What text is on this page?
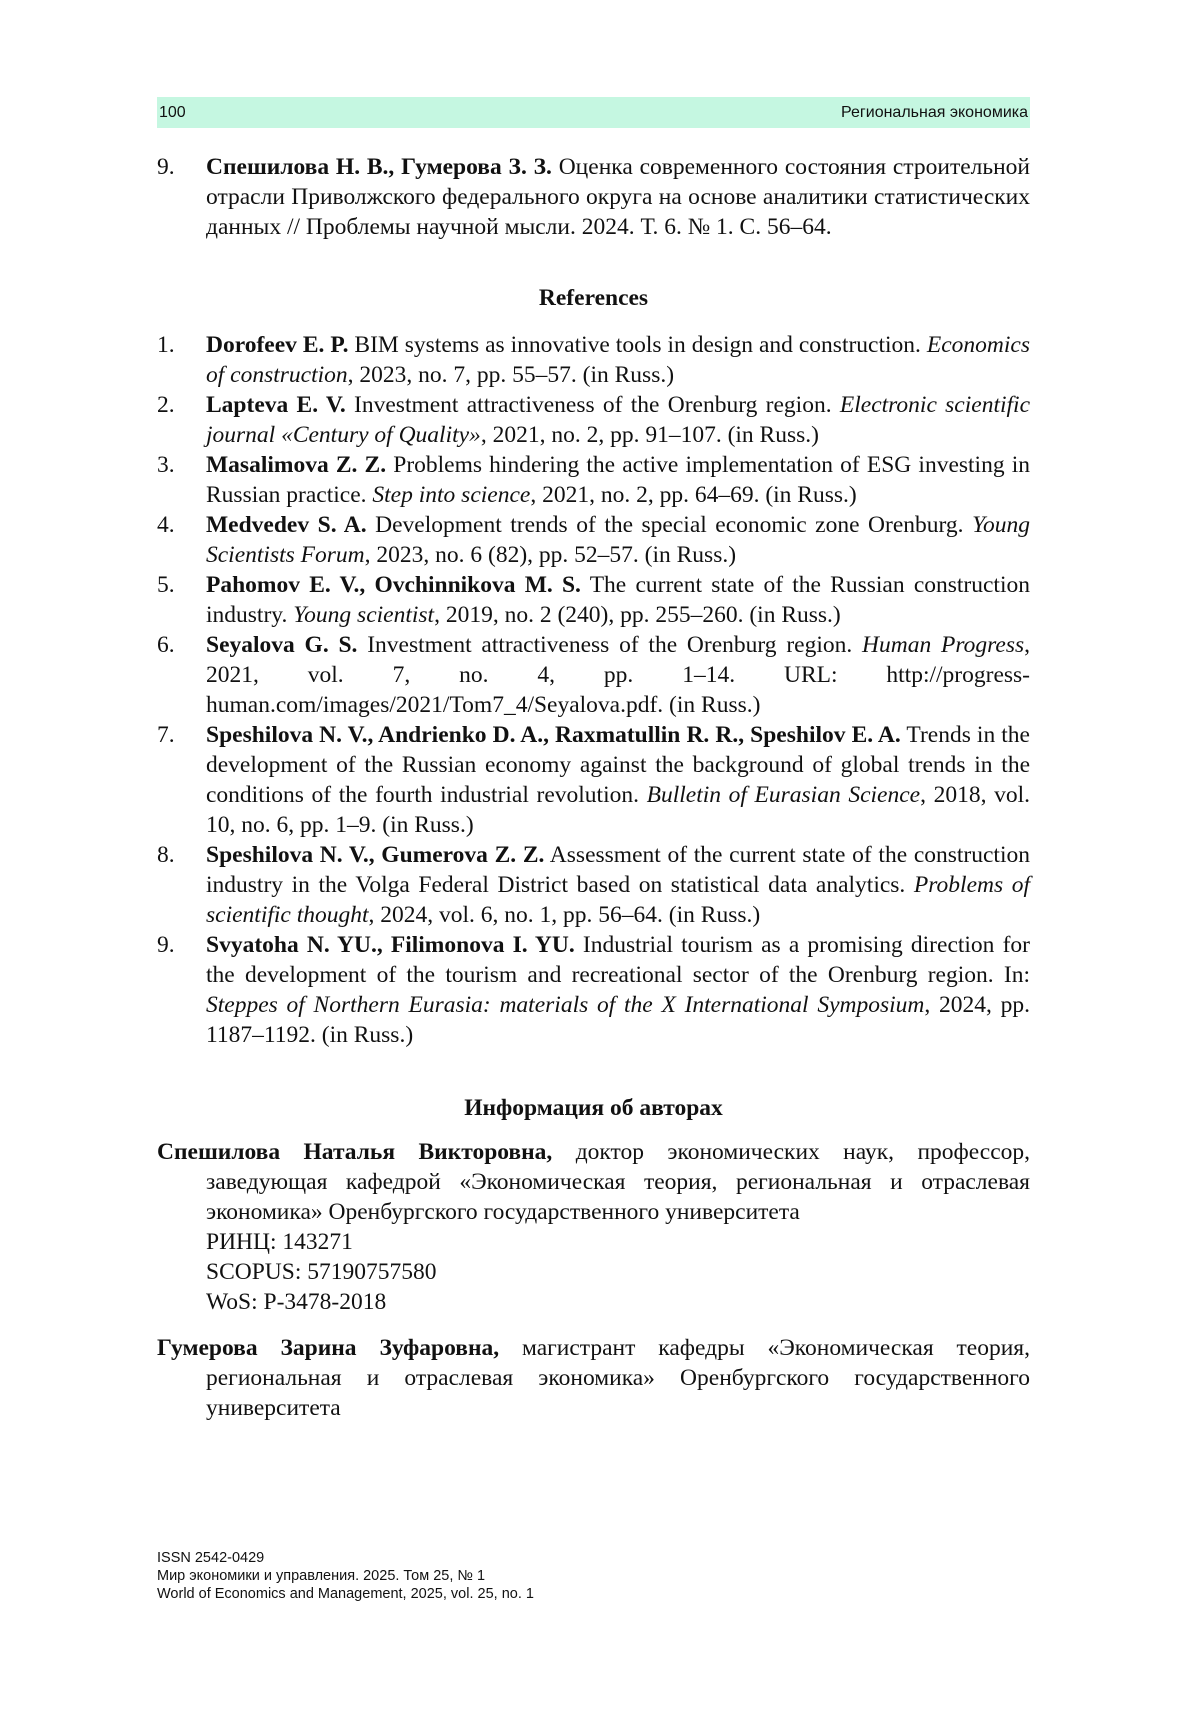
100	Региональная экономика

9. Спешилова Н. В., Гумерова З. З. Оценка современного состояния строительной отрасли Приволжского федерального округа на основе аналитики статистических данных // Проблемы научной мысли. 2024. Т. 6. № 1. С. 56–64.

References

1. Dorofeev E. P. BIM systems as innovative tools in design and construction. Economics of construction, 2023, no. 7, pp. 55–57. (in Russ.)

2. Lapteva E. V. Investment attractiveness of the Orenburg region. Electronic scientific journal «Century of Quality», 2021, no. 2, pp. 91–107. (in Russ.)

3. Masalimova Z. Z. Problems hindering the active implementation of ESG investing in Russian practice. Step into science, 2021, no. 2, pp. 64–69. (in Russ.)

4. Medvedev S. A. Development trends of the special economic zone Orenburg. Young Scientists Forum, 2023, no. 6 (82), pp. 52–57. (in Russ.)

5. Pahomov E. V., Ovchinnikova M. S. The current state of the Russian construction industry. Young scientist, 2019, no. 2 (240), pp. 255–260. (in Russ.)

6. Seyalova G. S. Investment attractiveness of the Orenburg region. Human Progress, 2021, vol. 7, no. 4, pp. 1–14. URL: http://progress-human.com/images/2021/Tom7_4/Seyalova.pdf. (in Russ.)

7. Speshilova N. V., Andrienko D. A., Raxmatullin R. R., Speshilov E. A. Trends in the development of the Russian economy against the background of global trends in the conditions of the fourth industrial revolution. Bulletin of Eurasian Science, 2018, vol. 10, no. 6, pp. 1–9. (in Russ.)

8. Speshilova N. V., Gumerova Z. Z. Assessment of the current state of the construction industry in the Volga Federal District based on statistical data analytics. Problems of scientific thought, 2024, vol. 6, no. 1, pp. 56–64. (in Russ.)

9. Svyatoha N. YU., Filimonova I. YU. Industrial tourism as a promising direction for the development of the tourism and recreational sector of the Orenburg region. In: Steppes of Northern Eurasia: materials of the X International Symposium, 2024, pp. 1187–1192. (in Russ.)

Информация об авторах

Спешилова Наталья Викторовна, доктор экономических наук, профессор, заведующая кафедрой «Экономическая теория, региональная и отраслевая экономика» Оренбургского государственного университета

РИНЦ: 143271

SCOPUS: 57190757580

WoS: P-3478-2018

Гумерова Зарина Зуфаровна, магистрант кафедры «Экономическая теория, региональная и отраслевая экономика» Оренбургского государственного университета

ISSN 2542-0429
Мир экономики и управления. 2025. Том 25, № 1
World of Economics and Management, 2025, vol. 25, no. 1
